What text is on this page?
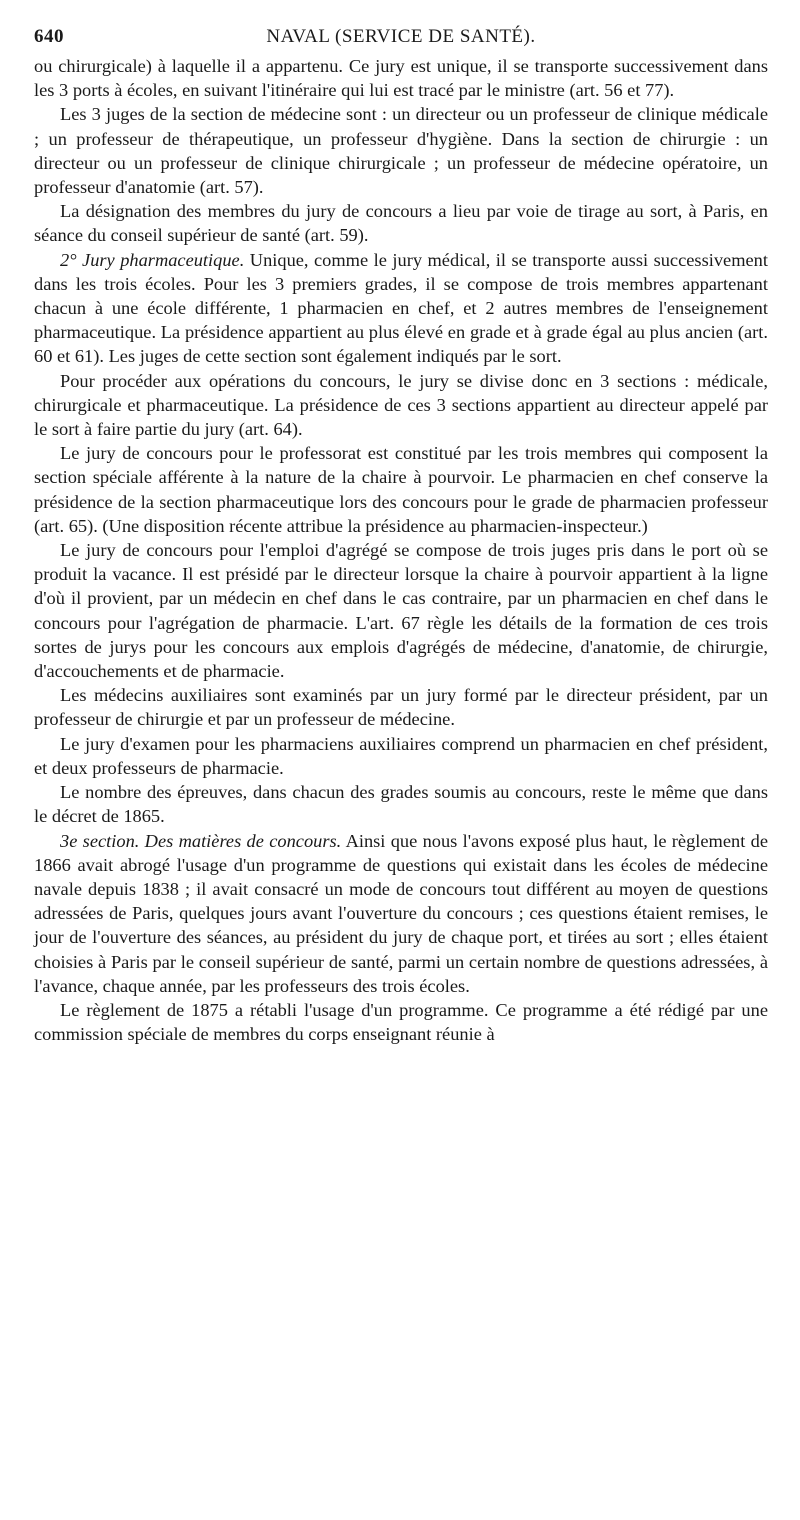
640	NAVAL (SERVICE DE SANTÉ).

ou chirurgicale) à laquelle il a appartenu. Ce jury est unique, il se transporte successivement dans les 3 ports à écoles, en suivant l'itinéraire qui lui est tracé par le ministre (art. 56 et 77).

Les 3 juges de la section de médecine sont : un directeur ou un professeur de clinique médicale ; un professeur de thérapeutique, un professeur d'hygiène. Dans la section de chirurgie : un directeur ou un professeur de clinique chirurgicale ; un professeur de médecine opératoire, un professeur d'anatomie (art. 57).

La désignation des membres du jury de concours a lieu par voie de tirage au sort, à Paris, en séance du conseil supérieur de santé (art. 59).

2° Jury pharmaceutique. Unique, comme le jury médical, il se transporte aussi successivement dans les trois écoles. Pour les 3 premiers grades, il se compose de trois membres appartenant chacun à une école différente, 1 pharmacien en chef, et 2 autres membres de l'enseignement pharmaceutique. La présidence appartient au plus élevé en grade et à grade égal au plus ancien (art. 60 et 61). Les juges de cette section sont également indiqués par le sort.

Pour procéder aux opérations du concours, le jury se divise donc en 3 sections : médicale, chirurgicale et pharmaceutique. La présidence de ces 3 sections appartient au directeur appelé par le sort à faire partie du jury (art. 64).

Le jury de concours pour le professorat est constitué par les trois membres qui composent la section spéciale afférente à la nature de la chaire à pourvoir. Le pharmacien en chef conserve la présidence de la section pharmaceutique lors des concours pour le grade de pharmacien professeur (art. 65). (Une disposition récente attribue la présidence au pharmacien-inspecteur.)

Le jury de concours pour l'emploi d'agrégé se compose de trois juges pris dans le port où se produit la vacance. Il est présidé par le directeur lorsque la chaire à pourvoir appartient à la ligne d'où il provient, par un médecin en chef dans le cas contraire, par un pharmacien en chef dans le concours pour l'agrégation de pharmacie. L'art. 67 règle les détails de la formation de ces trois sortes de jurys pour les concours aux emplois d'agrégés de médecine, d'anatomie, de chirurgie, d'accouchements et de pharmacie.

Les médecins auxiliaires sont examinés par un jury formé par le directeur président, par un professeur de chirurgie et par un professeur de médecine.

Le jury d'examen pour les pharmaciens auxiliaires comprend un pharmacien en chef président, et deux professeurs de pharmacie.

Le nombre des épreuves, dans chacun des grades soumis au concours, reste le même que dans le décret de 1865.

3e section. Des matières de concours. Ainsi que nous l'avons exposé plus haut, le règlement de 1866 avait abrogé l'usage d'un programme de questions qui existait dans les écoles de médecine navale depuis 1838 ; il avait consacré un mode de concours tout différent au moyen de questions adressées de Paris, quelques jours avant l'ouverture du concours ; ces questions étaient remises, le jour de l'ouverture des séances, au président du jury de chaque port, et tirées au sort ; elles étaient choisies à Paris par le conseil supérieur de santé, parmi un certain nombre de questions adressées, à l'avance, chaque année, par les professeurs des trois écoles.

Le règlement de 1875 a rétabli l'usage d'un programme. Ce programme a été rédigé par une commission spéciale de membres du corps enseignant réunie à
